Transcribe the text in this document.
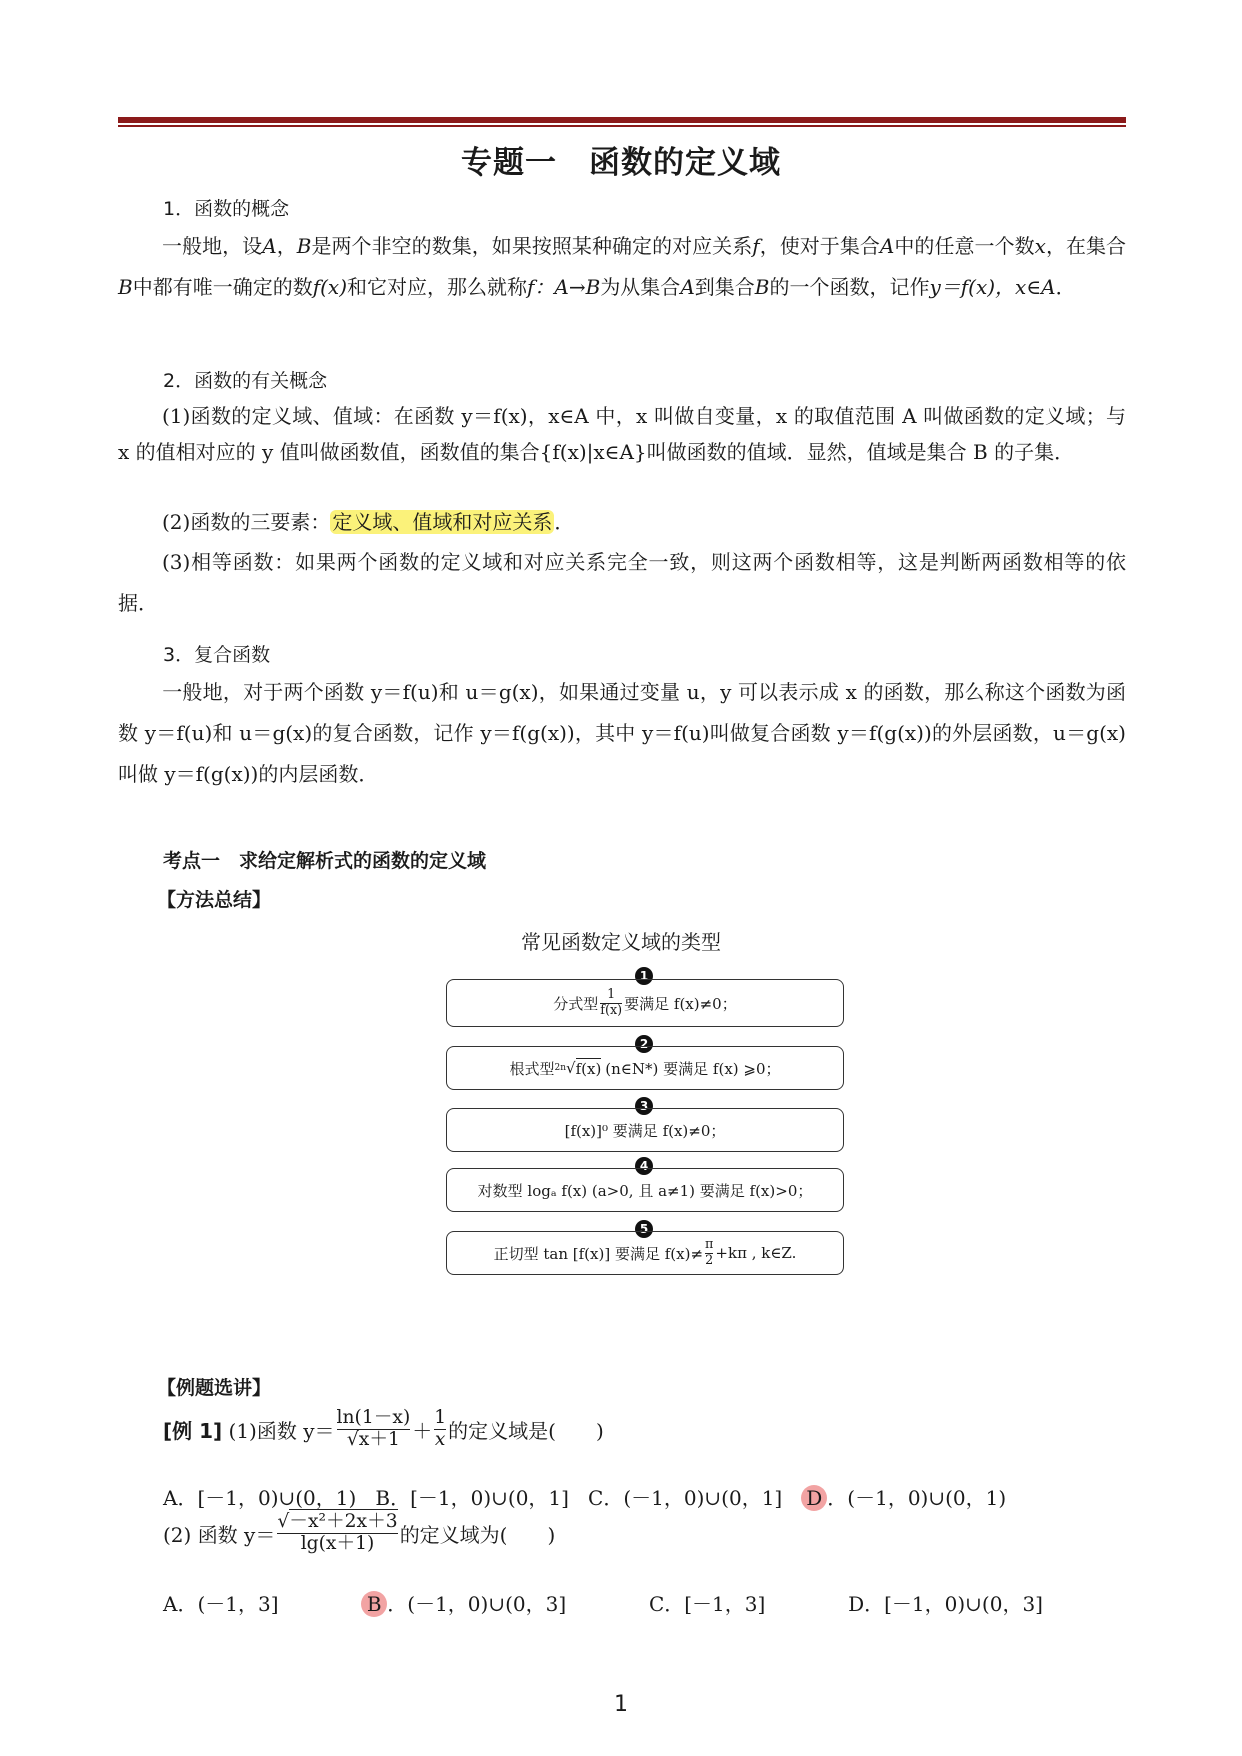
专题一　函数的定义域
1．函数的概念
一般地，设A，B是两个非空的数集，如果按照某种确定的对应关系f，使对于集合A中的任意一个数x，在集合B中都有唯一确定的数f(x)和它对应，那么就称f：A→B为从集合A到集合B的一个函数，记作y＝f(x)，x∈A．
2．函数的有关概念
(1)函数的定义域、值域：在函数 y＝f(x)，x∈A 中，x 叫做自变量，x 的取值范围 A 叫做函数的定义域；与 x 的值相对应的 y 值叫做函数值，函数值的集合{f(x)|x∈A}叫做函数的值域．显然，值域是集合 B 的子集．
(2)函数的三要素： 定义域、值域和对应关系 ．
(3)相等函数：如果两个函数的定义域和对应关系完全一致，则这两个函数相等，这是判断两函数相等的依据．
3．复合函数
一般地，对于两个函数 y＝f(u)和 u＝g(x)，如果通过变量 u，y 可以表示成 x 的函数，那么称这个函数为函数 y＝f(u)和 u＝g(x)的复合函数，记作 y＝f(g(x))，其中 y＝f(u)叫做复合函数 y＝f(g(x))的外层函数，u＝g(x)叫做 y＝f(g(x))的内层函数．
考点一　求给定解析式的函数的定义域
【方法总结】
常见函数定义域的类型
1
分式型 $\frac{1}{f(x)}$ 要满足 f(x)≠0；
2
根式型 2n √ f(x) (n∈N*) 要满足 f(x) ⩾0；
3
[f(x)]⁰ 要满足 f(x)≠0；
4
对数型 logₐ f(x) (a>0, 且 a≠1) 要满足 f(x)>0；
5
正切型 tan [f(x)] 要满足 $f(x)\ne \frac{\pi}{2} +k\pi$ , k∈Z.
【例题选讲】
[例 1]
(1)函数 $y= \frac{\ln(1-x)}{√x+1} + \frac{1}{x}$ 的定义域是(　　)
A．[－1，0)∪(0，1) B．[－1，0)∪(0，1] C．(－1，0)∪(0，1] D ．(－1，0)∪(0，1)
(2) 函数 $y= \frac{\text{√－x²＋2x＋3}}{\lg(x+1)}$ 的定义域为(　　)
A．(－1，3]	B ．(－1，0)∪(0，3]	C．[－1，3]	D．[－1，0)∪(0，3]
1
